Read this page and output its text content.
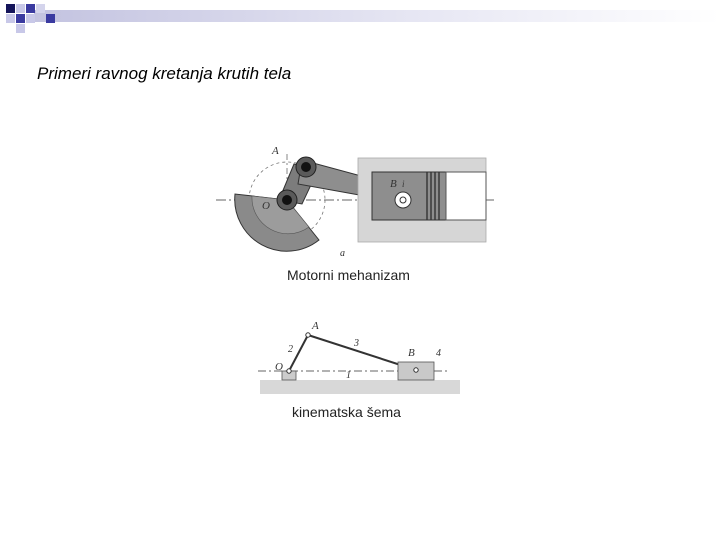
Primeri ravnog kretanja krutih tela
A
O
B i
a
Motorni mehanizam
A
O
B
1
2
3
4
kinematska šema
